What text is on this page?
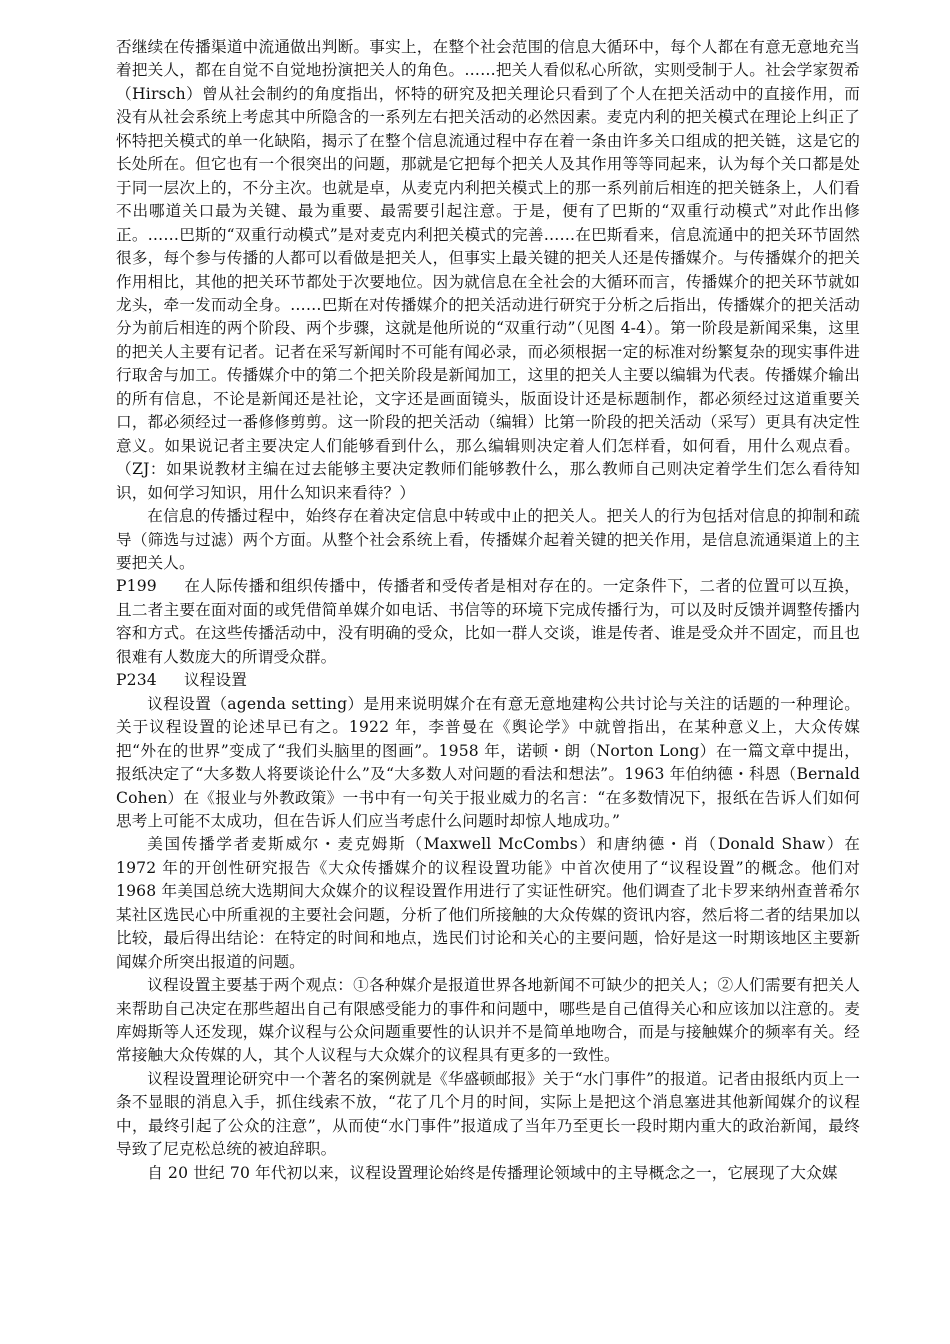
否继续在传播渠道中流通做出判断。事实上，在整个社会范围的信息大循环中，每个人都在有意无意地充当着把关人，都在自觉不自觉地扮演把关人的角色。……把关人看似私心所欲，实则受制于人。社会学家贺希（Hirsch）曾从社会制约的角度指出，怀特的研究及把关理论只看到了个人在把关活动中的直接作用，而没有从社会系统上考虑其中所隐含的一系列左右把关活动的必然因素。麦克内利的把关模式在理论上纠正了怀特把关模式的单一化缺陷，揭示了在整个信息流通过程中存在着一条由许多关口组成的把关链，这是它的长处所在。但它也有一个很突出的问题，那就是它把每个把关人及其作用等等同起来，认为每个关口都是处于同一层次上的，不分主次。也就是卓，从麦克内利把关模式上的那一系列前后相连的把关链条上，人们看不出哪道关口最为关键、最为重要、最需要引起注意。于是，便有了巴斯的“双重行动模式”对此作出修正。……巴斯的“双重行动模式”是对麦克内利把关模式的完善……在巴斯看来，信息流通中的把关环节固然很多，每个参与传播的人都可以看做是把关人，但事实上最关键的把关人还是传播媒介。与传播媒介的把关作用相比，其他的把关环节都处于次要地位。因为就信息在全社会的大循环而言，传播媒介的把关环节就如龙头，牵一发而动全身。……巴斯在对传播媒介的把关活动进行研究于分析之后指出，传播媒介的把关活动分为前后相连的两个阶段、两个步骤，这就是他所说的“双重行动”（见图 4-4）。第一阶段是新闻采集，这里的把关人主要有记者。记者在采写新闻时不可能有闻必录，而必须根据一定的标准对纷繁复杂的现实事件进行取舍与加工。传播媒介中的第二个把关阶段是新闻加工，这里的把关人主要以编辑为代表。传播媒介输出的所有信息，不论是新闻还是社论，文字还是画面镜头，版面设计还是标题制作，都必须经过这道重要关口，都必须经过一番修修剪剪。这一阶段的把关活动（编辑）比第一阶段的把关活动（采写）更具有决定性意义。如果说记者主要决定人们能够看到什么，那么编辑则决定着人们怎样看，如何看，用什么观点看。（ZJ：如果说教材主编在过去能够主要决定教师们能够教什么，那么教师自己则决定着学生们怎么看待知识，如何学习知识，用什么知识来看待？）

在信息的传播过程中，始终存在着决定信息中转或中止的把关人。把关人的行为包括对信息的抑制和疏导（筛选与过滤）两个方面。从整个社会系统上看，传播媒介起着关键的把关作用，是信息流通渠道上的主要把关人。

P199 在人际传播和组织传播中，传播者和受传者是相对存在的。一定条件下，二者的位置可以互换，且二者主要在面对面的或凭借简单媒介如电话、书信等的环境下完成传播行为，可以及时反馈并调整传播内容和方式。在这些传播活动中，没有明确的受众，比如一群人交谈，谁是传者、谁是受众并不固定，而且也很难有人数庞大的所谓受众群。

P234 议程设置

议程设置（agenda setting）是用来说明媒介在有意无意地建构公共讨论与关注的话题的一种理论。关于议程设置的论述早已有之。1922 年，李普曼在《舆论学》中就曾指出，在某种意义上，大众传媒把“外在的世界”变成了“我们头脑里的图画”。1958 年，诺顿・朗（Norton Long）在一篇文章中提出，报纸决定了“大多数人将要谈论什么”及“大多数人对问题的看法和想法”。1963 年伯纳德・科恩（Bernald Cohen）在《报业与外教政策》一书中有一句关于报业威力的名言：“在多数情况下，报纸在告诉人们如何思考上可能不太成功，但在告诉人们应当考虑什么问题时却惊人地成功。”

美国传播学者麦斯威尔・麦克姆斯（Maxwell McCombs）和唐纳德・肖（Donald Shaw）在 1972 年的开创性研究报告《大众传播媒介的议程设置功能》中首次使用了“议程设置”的概念。他们对 1968 年美国总统大选期间大众媒介的议程设置作用进行了实证性研究。他们调查了北卡罗来纳州查普希尔某社区选民心中所重视的主要社会问题，分析了他们所接触的大众传媒的资讯内容，然后将二者的结果加以比较，最后得出结论：在特定的时间和地点，选民们讨论和关心的主要问题，恰好是这一时期该地区主要新闻媒介所突出报道的问题。

议程设置主要基于两个观点：①各种媒介是报道世界各地新闻不可缺少的把关人；②人们需要有把关人来帮助自己决定在那些超出自己有限感受能力的事件和问题中，哪些是自己值得关心和应该加以注意的。麦库姆斯等人还发现，媒介议程与公众问题重要性的认识并不是简单地吻合，而是与接触媒介的频率有关。经常接触大众传媒的人，其个人议程与大众媒介的议程具有更多的一致性。

议程设置理论研究中一个著名的案例就是《华盛顿邮报》关于“水门事件”的报道。记者由报纸内页上一条不显眼的消息入手，抓住线索不放，“花了几个月的时间，实际上是把这个消息塞进其他新闻媒介的议程中，最终引起了公众的注意”，从而使“水门事件”报道成了当年乃至更长一段时期内重大的政治新闻，最终导致了尼克松总统的被迫辞职。

自 20 世纪 70 年代初以来，议程设置理论始终是传播理论领域中的主导概念之一，它展现了大众媒
